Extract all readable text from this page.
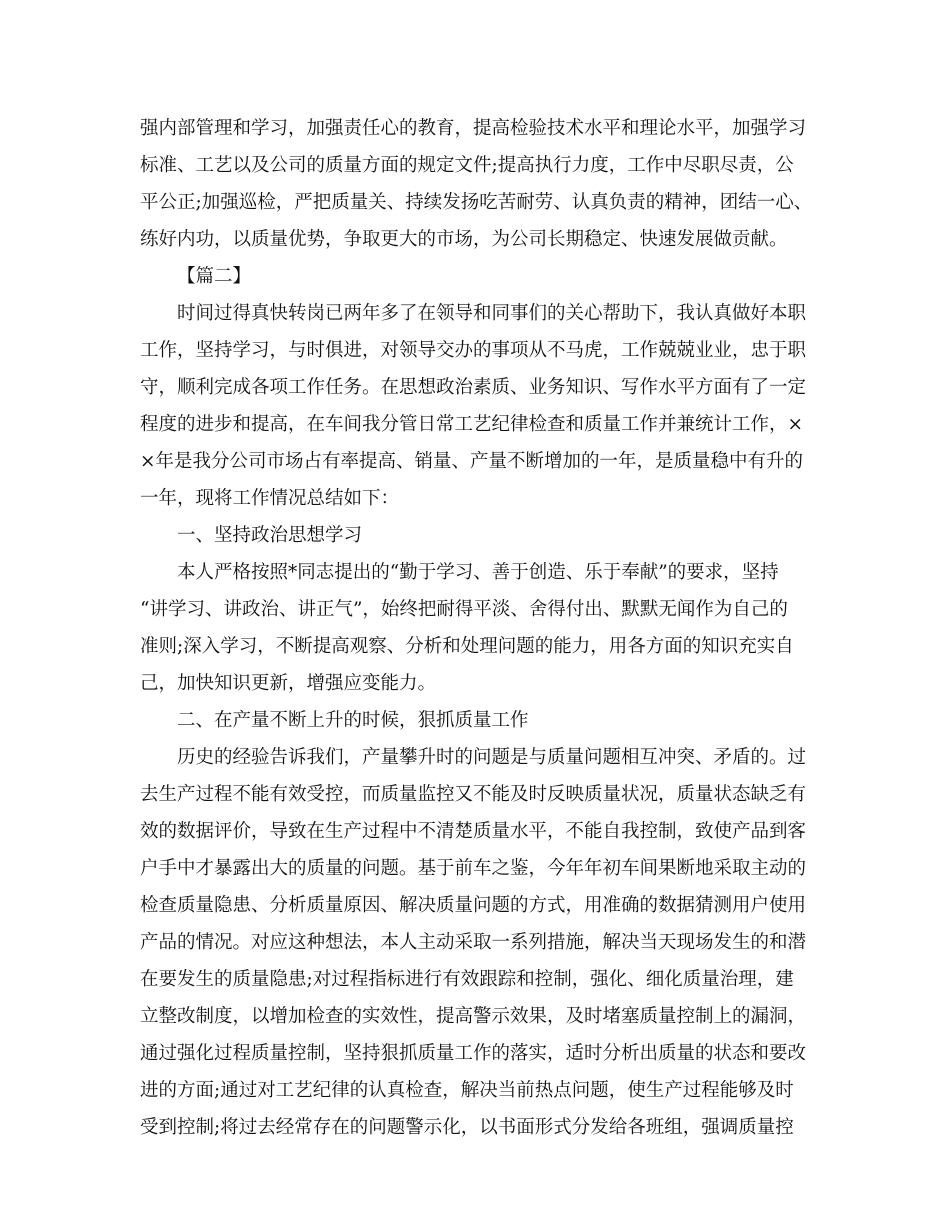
强内部管理和学习，加强责任心的教育，提高检验技术水平和理论水平，加强学习
标准、工艺以及公司的质量方面的规定文件;提高执行力度，工作中尽职尽责，公
平公正;加强巡检，严把质量关、持续发扬吃苦耐劳、认真负责的精神，团结一心、
练好内功，以质量优势，争取更大的市场，为公司长期稳定、快速发展做贡献。
【篇二】
时间过得真快转岗已两年多了在领导和同事们的关心帮助下，我认真做好本职
工作，坚持学习，与时俱进，对领导交办的事项从不马虎，工作兢兢业业，忠于职
守，顺利完成各项工作任务。在思想政治素质、业务知识、写作水平方面有了一定
程度的进步和提高，在车间我分管日常工艺纪律检查和质量工作并兼统计工作，×
×年是我分公司市场占有率提高、销量、产量不断增加的一年，是质量稳中有升的
一年，现将工作情况总结如下：
一、坚持政治思想学习
本人严格按照*同志提出的“勤于学习、善于创造、乐于奉献”的要求，坚持
“讲学习、讲政治、讲正气”，始终把耐得平淡、舍得付出、默默无闻作为自己的
准则;深入学习，不断提高观察、分析和处理问题的能力，用各方面的知识充实自
己，加快知识更新，增强应变能力。
二、在产量不断上升的时候，狠抓质量工作
历史的经验告诉我们，产量攀升时的问题是与质量问题相互冲突、矛盾的。过
去生产过程不能有效受控，而质量监控又不能及时反映质量状况，质量状态缺乏有
效的数据评价，导致在生产过程中不清楚质量水平，不能自我控制，致使产品到客
户手中才暴露出大的质量的问题。基于前车之鉴，今年年初车间果断地采取主动的
检查质量隐患、分析质量原因、解决质量问题的方式，用准确的数据猜测用户使用
产品的情况。对应这种想法，本人主动采取一系列措施，解决当天现场发生的和潜
在要发生的质量隐患;对过程指标进行有效跟踪和控制，强化、细化质量治理，建
立整改制度，以增加检查的实效性，提高警示效果，及时堵塞质量控制上的漏洞，
通过强化过程质量控制，坚持狠抓质量工作的落实，适时分析出质量的状态和要改
进的方面;通过对工艺纪律的认真检查，解决当前热点问题，使生产过程能够及时
受到控制;将过去经常存在的问题警示化，以书面形式分发给各班组，强调质量控
